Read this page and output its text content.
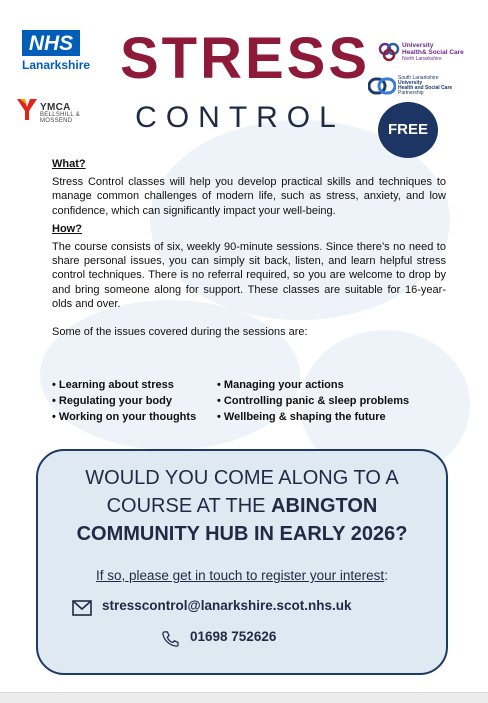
NHS
Lanarkshire
YMCA
BELLSHILL & MOSSEND
University
Health& Social Care
North Lanarkshire
South Lanarkshire
University
Health and Social Care
Partnership
STRESS
CONTROL	FREE
What?
Stress Control classes will help you develop practical skills and techniques to manage common challenges of modern life, such as stress, anxiety, and low confidence, which can significantly impact your well-being.
How?
The course consists of six, weekly 90-minute sessions. Since there’s no need to share personal issues, you can simply sit back, listen, and learn helpful stress control techniques. There is no referral required, so you are welcome to drop by and bring someone along for support. These classes are suitable for 16-year-olds and over.
Some of the issues covered during the sessions are:
• Learning about stress
• Regulating your body
• Working on your thoughts
• Managing your actions
• Controlling panic & sleep problems
• Wellbeing & shaping the future
WOULD YOU COME ALONG TO A
COURSE AT THE ABINGTON
COMMUNITY HUB IN EARLY 2026?
If so, please get in touch to register your interest:
stresscontrol@lanarkshire.scot.nhs.uk
01698 752626
